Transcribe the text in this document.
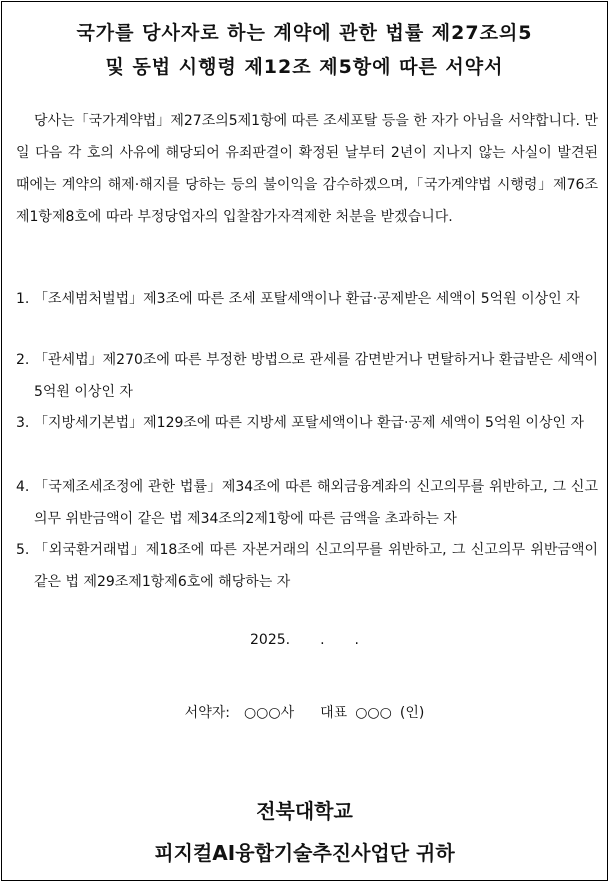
국가를 당사자로 하는 계약에 관한 법률 제27조의5
및 동법 시행령 제12조 제5항에 따른 서약서

당사는「국가계약법」제27조의5제1항에 따른 조세포탈 등을 한 자가 아님을 서약합니다. 만일 다음 각 호의 사유에 해당되어 유죄판결이 확정된 날부터 2년이 지나지 않는 사실이 발견된 때에는 계약의 해제·해지를 당하는 등의 불이익을 감수하겠으며,「국가계약법 시행령」제76조제1항제8호에 따라 부정당업자의 입찰참가자격제한 처분을 받겠습니다.

1. 「조세범처벌법」제3조에 따른 조세 포탈세액이나 환급·공제받은 세액이 5억원 이상인 자
2. 「관세법」제270조에 따른 부정한 방법으로 관세를 감면받거나 면탈하거나 환급받은 세액이 5억원 이상인 자
3. 「지방세기본법」제129조에 따른 지방세 포탈세액이나 환급·공제 세액이 5억원 이상인 자
4. 「국제조세조정에 관한 법률」제34조에 따른 해외금융계좌의 신고의무를 위반하고, 그 신고의무 위반금액이 같은 법 제34조의2제1항에 따른 금액을 초과하는 자
5. 「외국환거래법」제18조에 따른 자본거래의 신고의무를 위반하고, 그 신고의무 위반금액이 같은 법 제29조제1항제6호에 해당하는 자

2025. . .

서약자: ○○○사 대표 ○○○ (인)

전북대학교

피지컬AI융합기술추진사업단 귀하
